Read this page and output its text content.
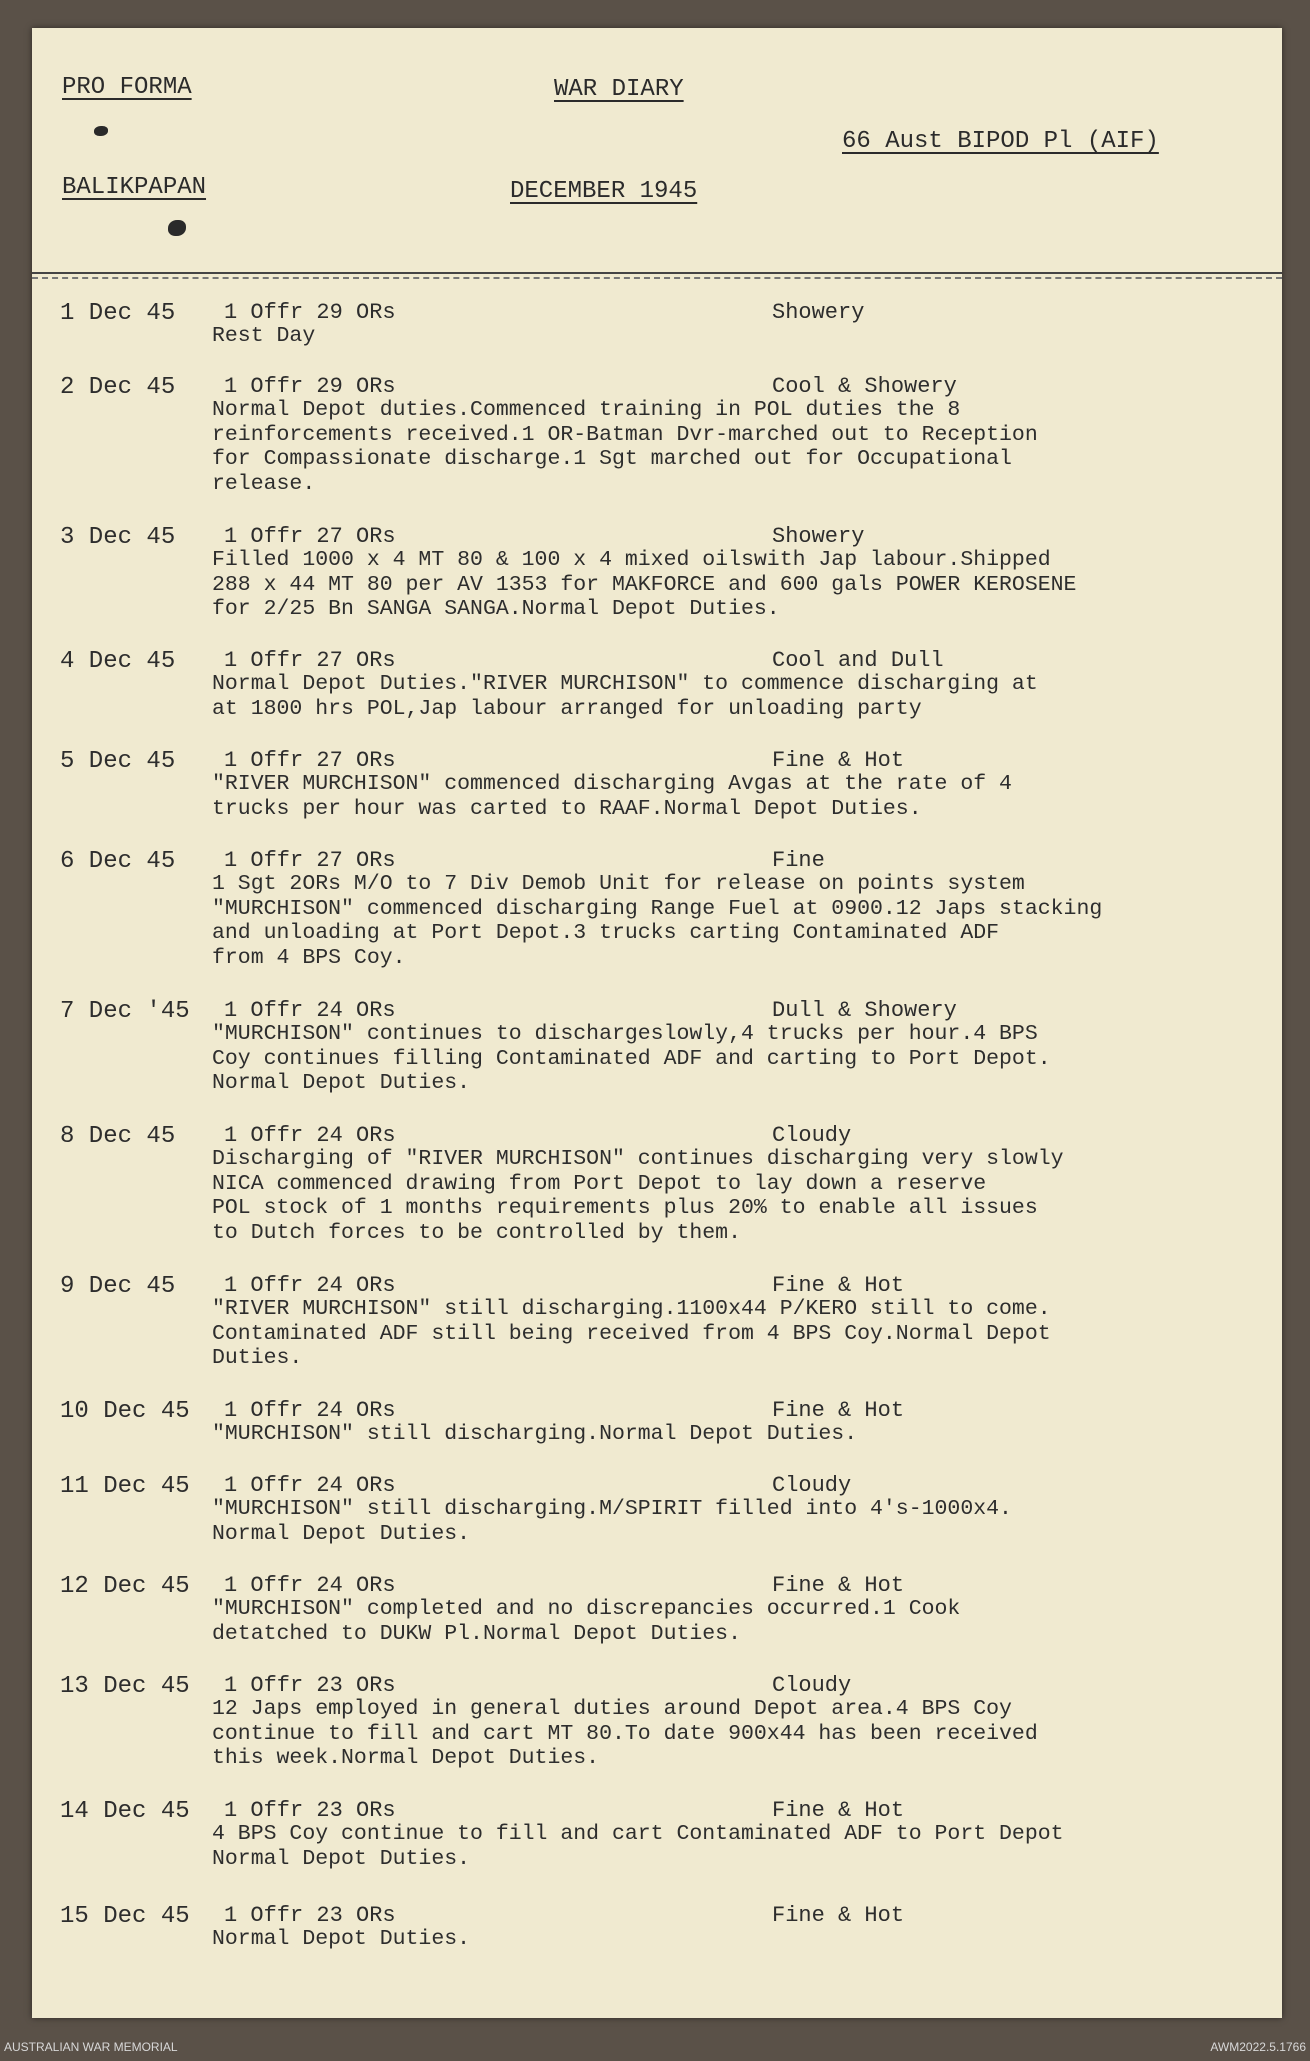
PRO FORMA	WAR DIARY
66 Aust BIPOD Pl (AIF)
BALIKPAPAN	DECEMBER 1945
1 Dec 45 1 Offr 29 ORs	Showery
Rest Day
2 Dec 45 1 Offr 29 ORs	Cool & Showery
Normal Depot duties.Commenced training in POL duties the 8
reinforcements received.1 OR-Batman Dvr-marched out to Reception
for Compassionate discharge.1 Sgt marched out for Occupational
release.
3 Dec 45 1 Offr 27 ORs	Showery
Filled 1000 x 4 MT 80 & 100 x 4 mixed oilswith Jap labour.Shipped
288 x 44 MT 80 per AV 1353 for MAKFORCE and 600 gals POWER KEROSENE
for 2/25 Bn SANGA SANGA.Normal Depot Duties.
4 Dec 45 1 Offr 27 ORs	Cool and Dull
Normal Depot Duties."RIVER MURCHISON" to commence discharging at
at 1800 hrs POL,Jap labour arranged for unloading party
5 Dec 45 1 Offr 27 ORs	Fine & Hot
"RIVER MURCHISON" commenced discharging Avgas at the rate of 4
trucks per hour was carted to RAAF.Normal Depot Duties.
6 Dec 45 1 Offr 27 ORs	Fine
1 Sgt 2ORs M/O to 7 Div Demob Unit for release on points system
"MURCHISON" commenced discharging Range Fuel at 0900.12 Japs stacking
and unloading at Port Depot.3 trucks carting Contaminated ADF
from 4 BPS Coy.
7 Dec '45 1 Offr 24 ORs	Dull & Showery
"MURCHISON" continues to dischargeslowly,4 trucks per hour.4 BPS
Coy continues filling Contaminated ADF and carting to Port Depot.
Normal Depot Duties.
8 Dec 45 1 Offr 24 ORs	Cloudy
Discharging of "RIVER MURCHISON" continues discharging very slowly
NICA commenced drawing from Port Depot to lay down a reserve
POL stock of 1 months requirements plus 20% to enable all issues
to Dutch forces to be controlled by them.
9 Dec 45 1 Offr 24 ORs	Fine & Hot
"RIVER MURCHISON" still discharging.1100x44 P/KERO still to come.
Contaminated ADF still being received from 4 BPS Coy.Normal Depot
Duties.
10 Dec 45 1 Offr 24 ORs	Fine & Hot
"MURCHISON" still discharging.Normal Depot Duties.
11 Dec 45 1 Offr 24 ORs	Cloudy
"MURCHISON" still discharging.M/SPIRIT filled into 4's-1000x4.
Normal Depot Duties.
12 Dec 45 1 Offr 24 ORs	Fine & Hot
"MURCHISON" completed and no discrepancies occurred.1 Cook
detatched to DUKW Pl.Normal Depot Duties.
13 Dec 45 1 Offr 23 ORs	Cloudy
12 Japs employed in general duties around Depot area.4 BPS Coy
continue to fill and cart MT 80.To date 900x44 has been received
this week.Normal Depot Duties.
14 Dec 45 1 Offr 23 ORs	Fine & Hot
4 BPS Coy continue to fill and cart Contaminated ADF to Port Depot
Normal Depot Duties.
15 Dec 45 1 Offr 23 ORs	Fine & Hot
Normal Depot Duties.
AUSTRALIAN WAR MEMORIAL	AWM2022.5.1766
